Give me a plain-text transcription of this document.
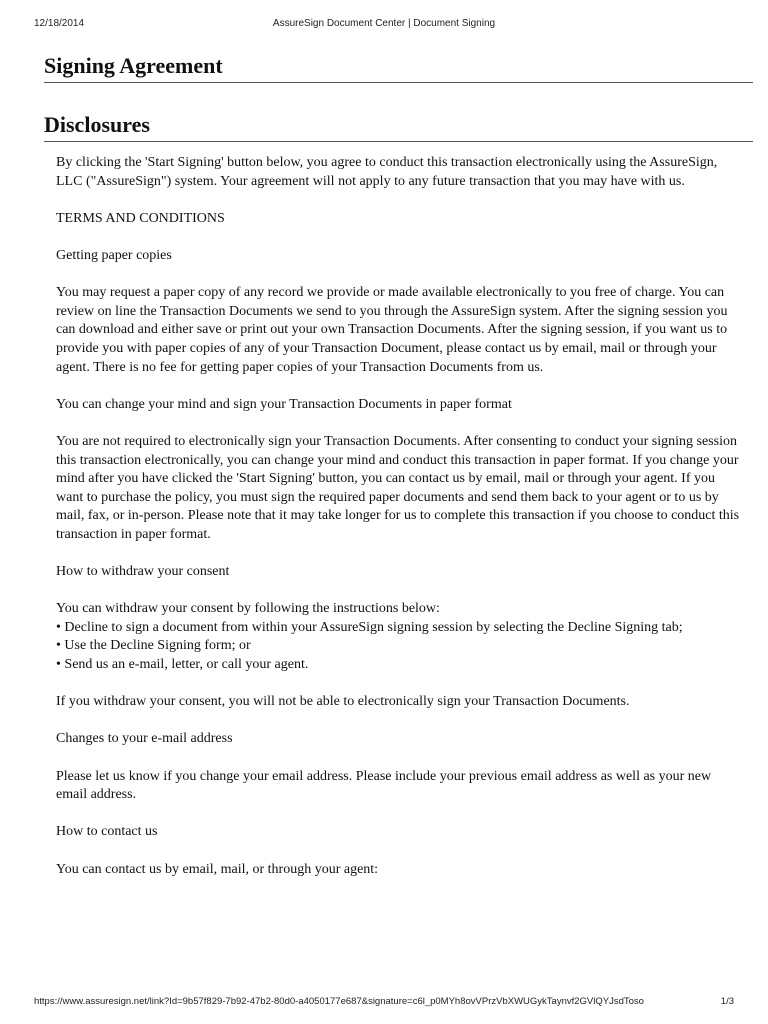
12/18/2014	AssureSign Document Center | Document Signing
Signing Agreement
Disclosures

By clicking the 'Start Signing' button below, you agree to conduct this transaction electronically using the AssureSign, LLC ("AssureSign") system. Your agreement will not apply to any future transaction that you may have with us.

TERMS AND CONDITIONS

Getting paper copies

You may request a paper copy of any record we provide or made available electronically to you free of charge. You can review on line the Transaction Documents we send to you through the AssureSign system. After the signing session you can download and either save or print out your own Transaction Documents. After the signing session, if you want us to provide you with paper copies of any of your Transaction Document, please contact us by email, mail or through your agent. There is no fee for getting paper copies of your Transaction Documents from us.

You can change your mind and sign your Transaction Documents in paper format

You are not required to electronically sign your Transaction Documents. After consenting to conduct your signing session this transaction electronically, you can change your mind and conduct this transaction in paper format. If you change your mind after you have clicked the 'Start Signing' button, you can contact us by email, mail or through your agent. If you want to purchase the policy, you must sign the required paper documents and send them back to your agent or to us by mail, fax, or in-person. Please note that it may take longer for us to complete this transaction if you choose to conduct this transaction in paper format.

How to withdraw your consent

You can withdraw your consent by following the instructions below:

• Decline to sign a document from within your AssureSign signing session by selecting the Decline Signing tab;

• Use the Decline Signing form; or

• Send us an e-mail, letter, or call your agent.

If you withdraw your consent, you will not be able to electronically sign your Transaction Documents.

Changes to your e-mail address

Please let us know if you change your email address. Please include your previous email address as well as your new email address.

How to contact us

You can contact us by email, mail, or through your agent:

https://www.assuresign.net/link?Id=9b57f829-7b92-47b2-80d0-a4050177e687&signature=c6l_p0MYh8ovVPrzVbXWUGykTaynvf2GVlQYJsdToso	1/3
